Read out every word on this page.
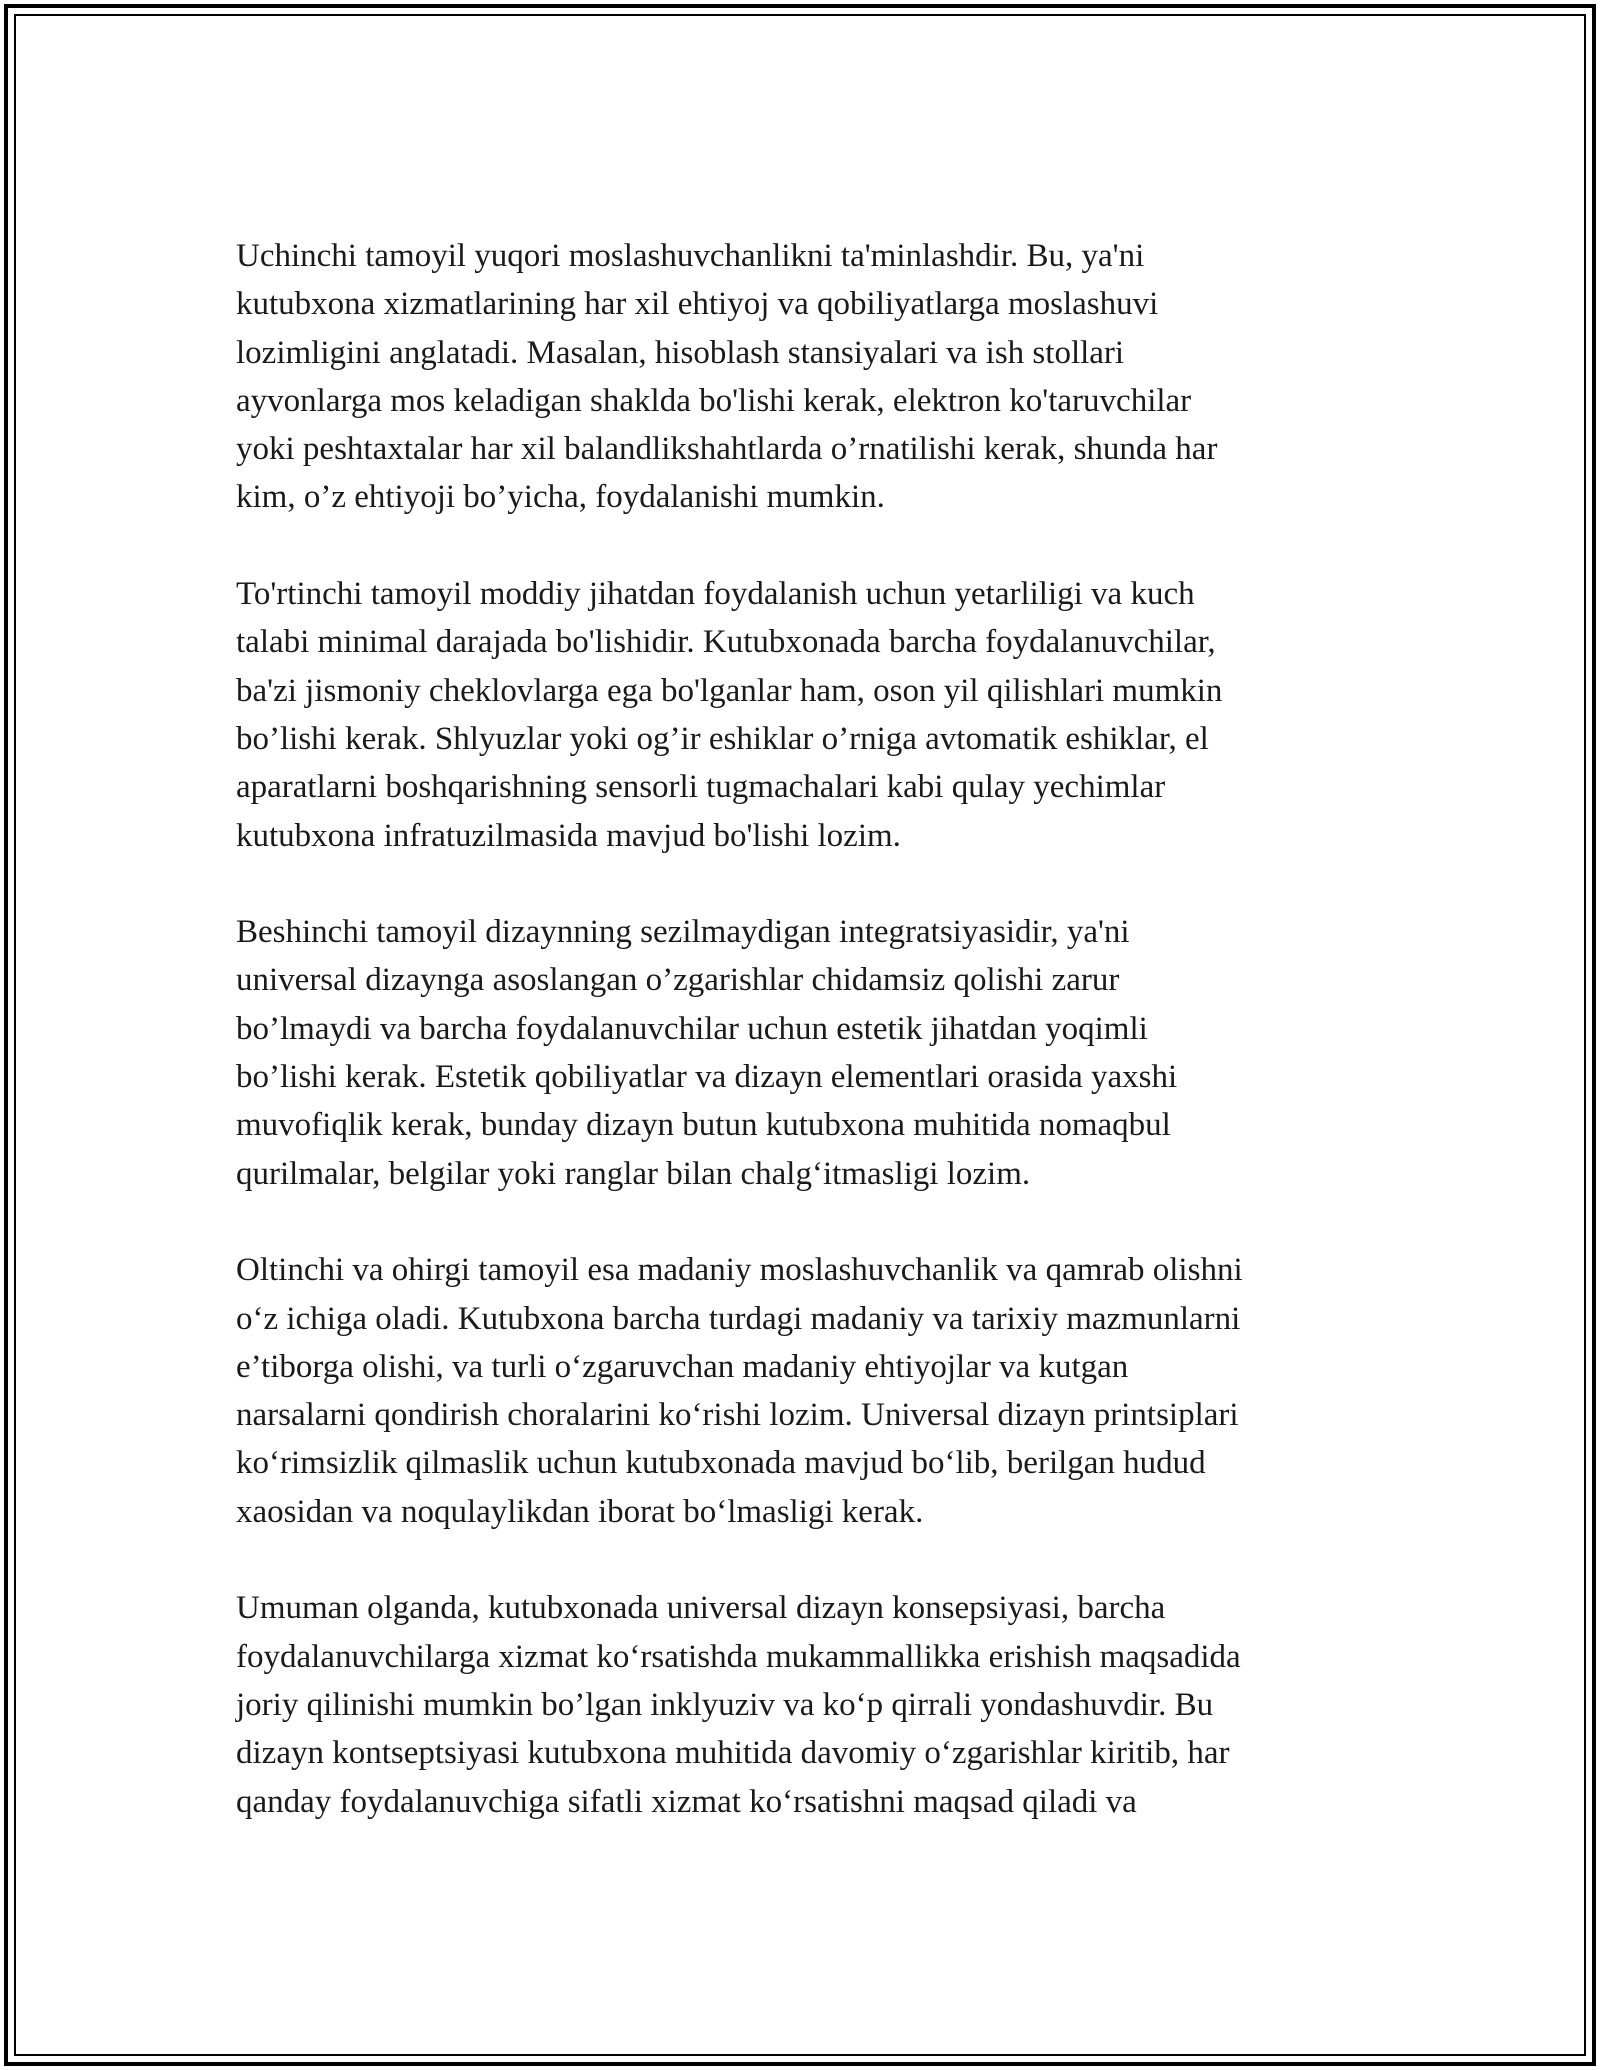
Uchinchi tamoyil yuqori moslashuvchanlikni ta'minlashdir. Bu, ya'ni
kutubxona xizmatlarining har xil ehtiyoj va qobiliyatlarga moslashuvi
lozimligini anglatadi. Masalan, hisoblash stansiyalari va ish stollari
ayvonlarga mos keladigan shaklda bo'lishi kerak, elektron ko'taruvchilar
yoki peshtaxtalar har xil balandlikshahtlarda o’rnatilishi kerak, shunda har
kim, o’z ehtiyoji bo’yicha, foydalanishi mumkin.

To'rtinchi tamoyil moddiy jihatdan foydalanish uchun yetarliligi va kuch
talabi minimal darajada bo'lishidir. Kutubxonada barcha foydalanuvchilar,
ba'zi jismoniy cheklovlarga ega bo'lganlar ham, oson yil qilishlari mumkin
bo’lishi kerak. Shlyuzlar yoki og’ir eshiklar o’rniga avtomatik eshiklar, el
aparatlarni boshqarishning sensorli tugmachalari kabi qulay yechimlar
kutubxona infratuzilmasida mavjud bo'lishi lozim.

Beshinchi tamoyil dizaynning sezilmaydigan integratsiyasidir, ya'ni
universal dizaynga asoslangan o’zgarishlar chidamsiz qolishi zarur
bo’lmaydi va barcha foydalanuvchilar uchun estetik jihatdan yoqimli
bo’lishi kerak. Estetik qobiliyatlar va dizayn elementlari orasida yaxshi
muvofiqlik kerak, bunday dizayn butun kutubxona muhitida nomaqbul
qurilmalar, belgilar yoki ranglar bilan chalg‘itmasligi lozim.

Oltinchi va ohirgi tamoyil esa madaniy moslashuvchanlik va qamrab olishni
o‘z ichiga oladi. Kutubxona barcha turdagi madaniy va tarixiy mazmunlarni
e’tiborga olishi, va turli o‘zgaruvchan madaniy ehtiyojlar va kutgan
narsalarni qondirish choralarini ko‘rishi lozim. Universal dizayn printsiplari
ko‘rimsizlik qilmaslik uchun kutubxonada mavjud bo‘lib, berilgan hudud
xaosidan va noqulaylikdan iborat bo‘lmasligi kerak.

Umuman olganda, kutubxonada universal dizayn konsepsiyasi, barcha
foydalanuvchilarga xizmat ko‘rsatishda mukammallikka erishish maqsadida
joriy qilinishi mumkin bo’lgan inklyuziv va ko‘p qirrali yondashuvdir. Bu
dizayn kontseptsiyasi kutubxona muhitida davomiy o‘zgarishlar kiritib, har
qanday foydalanuvchiga sifatli xizmat ko‘rsatishni maqsad qiladi va
